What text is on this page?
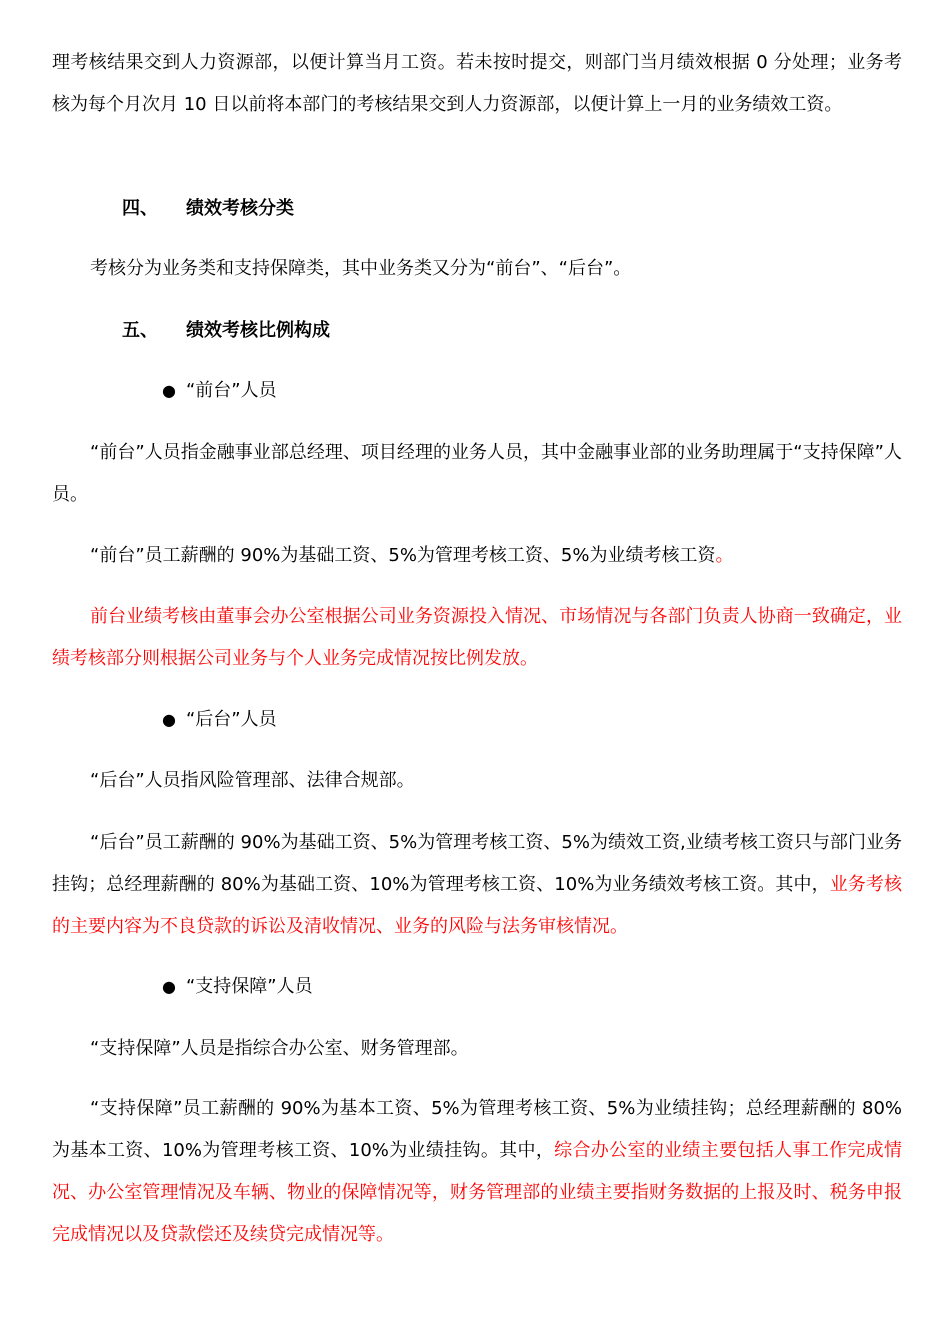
理考核结果交到人力资源部，以便计算当月工资。若未按时提交，则部门当月绩效根据 0 分处理；业务考核为每个月次月 10 日以前将本部门的考核结果交到人力资源部，以便计算上一月的业务绩效工资。

四、	绩效考核分类

考核分为业务类和支持保障类，其中业务类又分为“前台”、“后台”。

五、	绩效考核比例构成
● “前台”人员

“前台”人员指金融事业部总经理、项目经理的业务人员，其中金融事业部的业务助理属于“支持保障”人员。

“前台”员工薪酬的 90%为基础工资、5%为管理考核工资、5%为业绩考核工资。

前台业绩考核由董事会办公室根据公司业务资源投入情况、市场情况与各部门负责人协商一致确定，业绩考核部分则根据公司业务与个人业务完成情况按比例发放。

● “后台”人员

“后台”人员指风险管理部、法律合规部。

“后台”员工薪酬的 90%为基础工资、5%为管理考核工资、5%为绩效工资,业绩考核工资只与部门业务挂钩；总经理薪酬的 80%为基础工资、10%为管理考核工资、10%为业务绩效考核工资。其中，业务考核的主要内容为不良贷款的诉讼及清收情况、业务的风险与法务审核情况。

● “支持保障”人员

“支持保障”人员是指综合办公室、财务管理部。

“支持保障”员工薪酬的 90%为基本工资、5%为管理考核工资、5%为业绩挂钩；总经理薪酬的 80%为基本工资、10%为管理考核工资、10%为业绩挂钩。其中，综合办公室的业绩主要包括人事工作完成情况、办公室管理情况及车辆、物业的保障情况等，财务管理部的业绩主要指财务数据的上报及时、税务申报完成情况以及贷款偿还及续贷完成情况等。
